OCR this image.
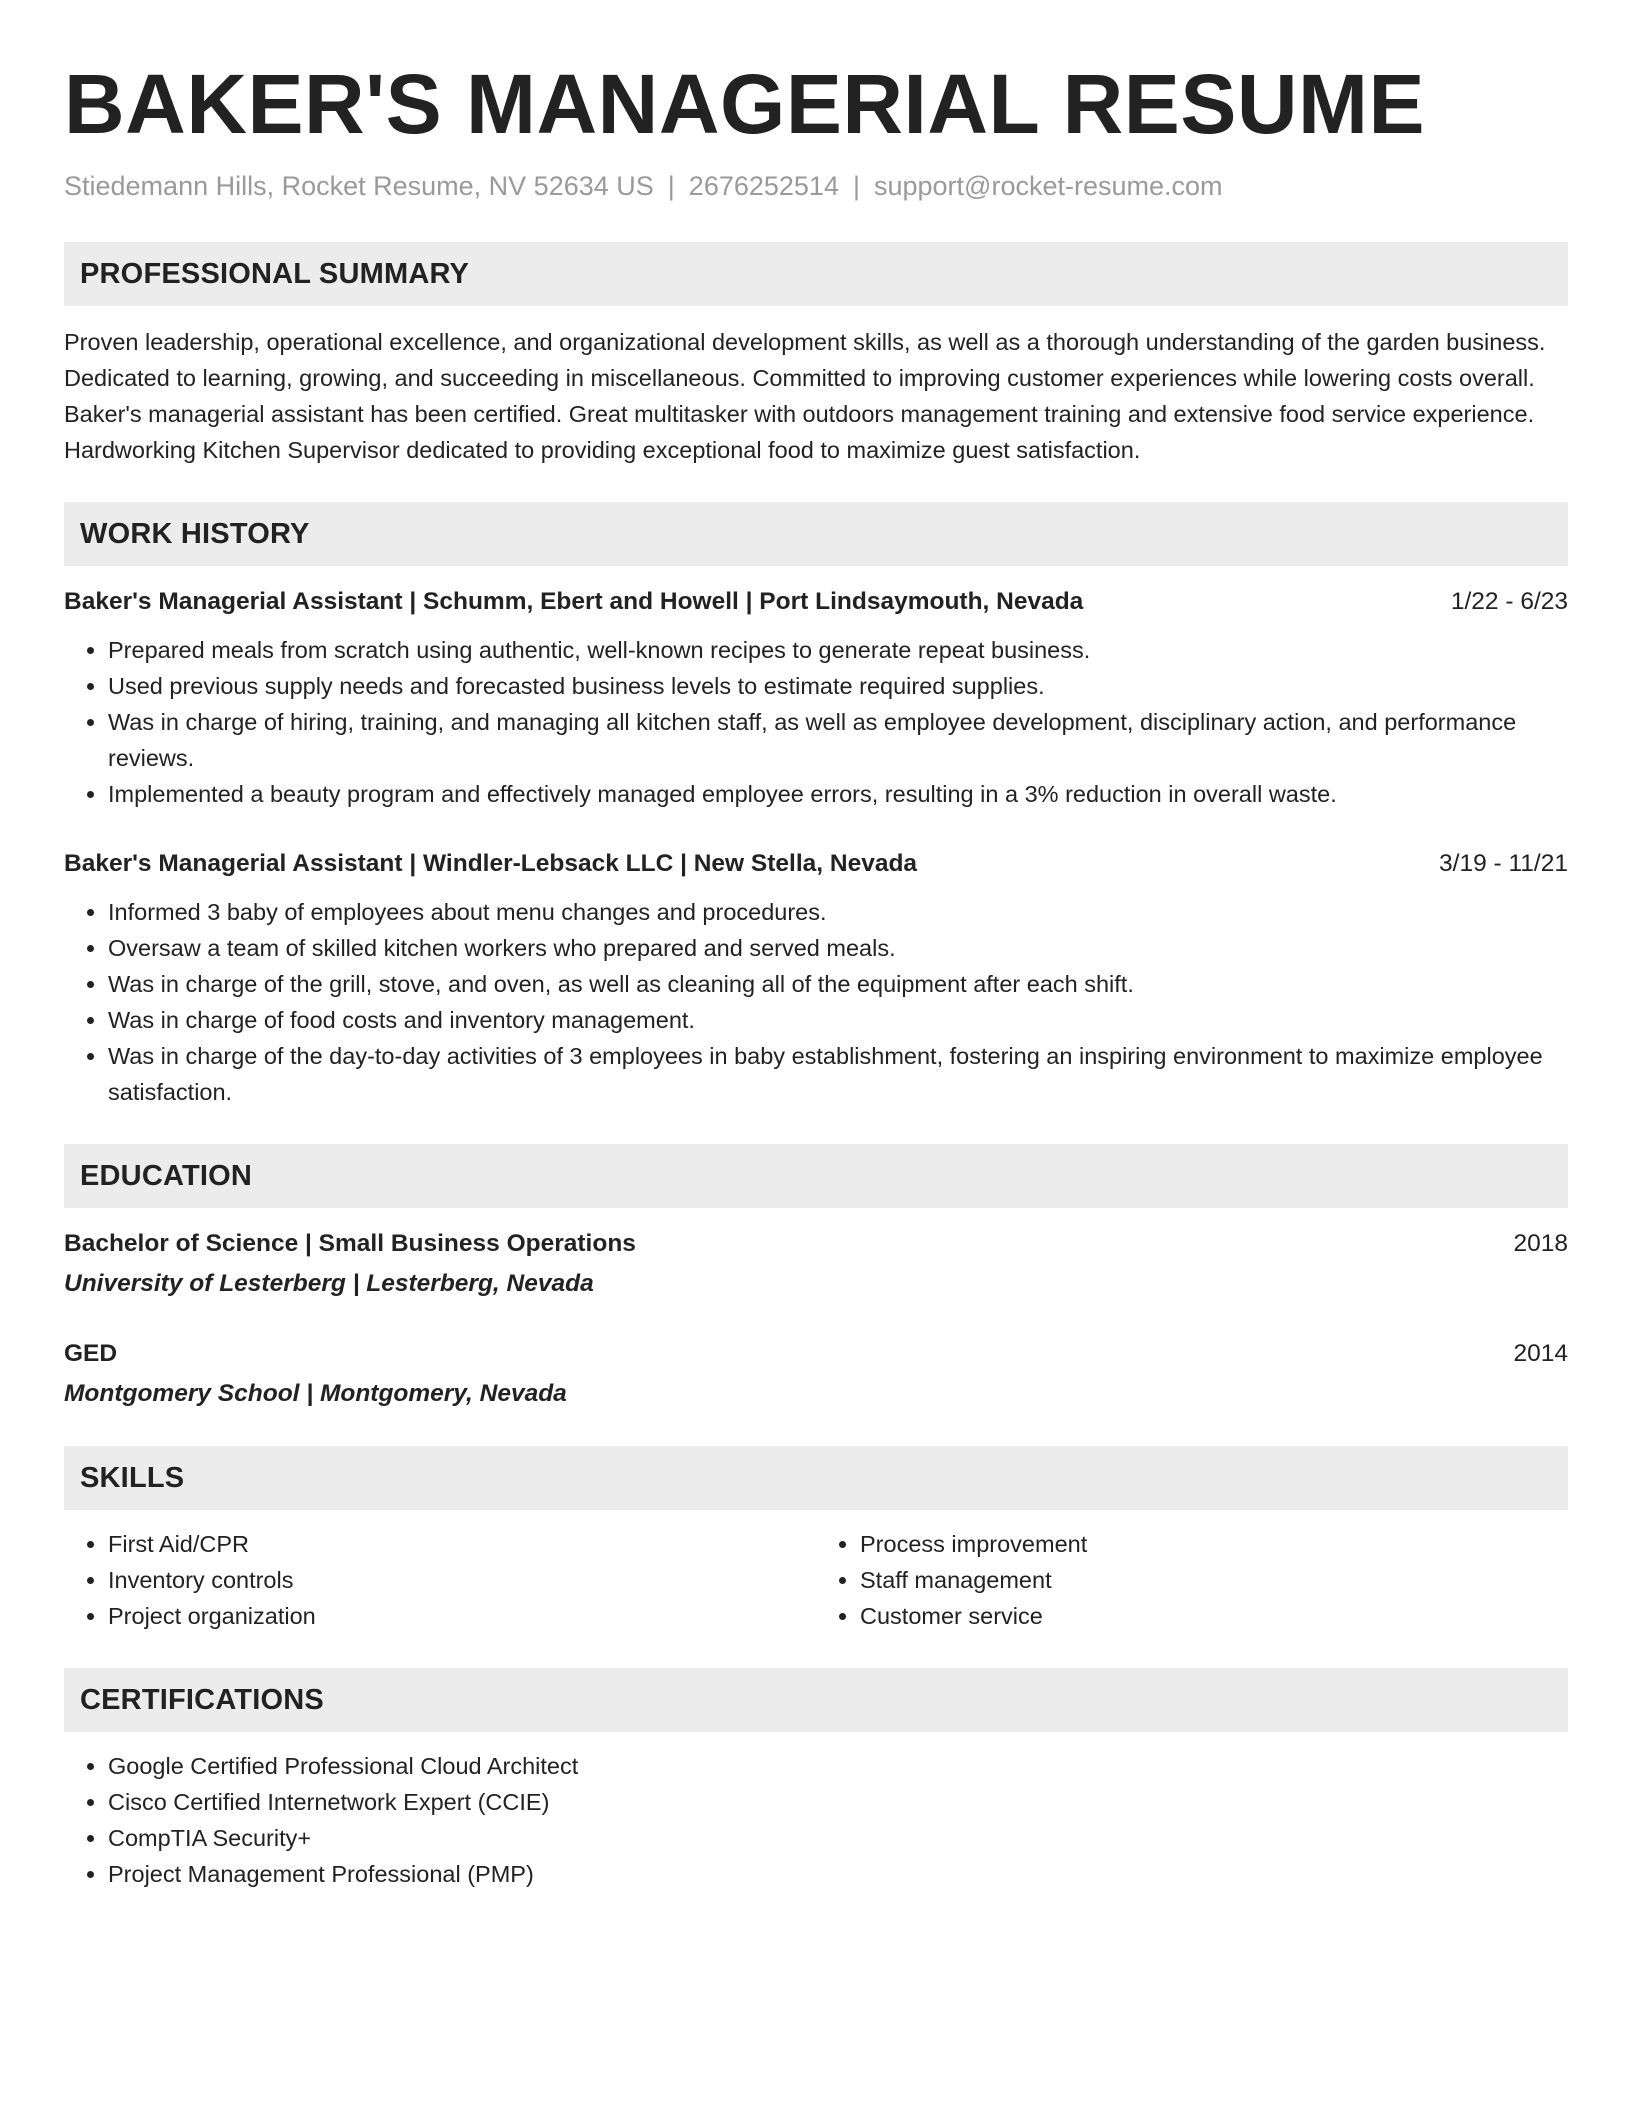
BAKER'S MANAGERIAL RESUME
Stiedemann Hills, Rocket Resume, NV 52634 US | 2676252514 | support@rocket-resume.com
PROFESSIONAL SUMMARY

Proven leadership, operational excellence, and organizational development skills, as well as a thorough understanding of the garden business. Dedicated to learning, growing, and succeeding in miscellaneous. Committed to improving customer experiences while lowering costs overall. Baker's managerial assistant has been certified. Great multitasker with outdoors management training and extensive food service experience. Hardworking Kitchen Supervisor dedicated to providing exceptional food to maximize guest satisfaction.

WORK HISTORY
Baker's Managerial Assistant | Schumm, Ebert and Howell | Port Lindsaymouth, Nevada	1/22 - 6/23
• Prepared meals from scratch using authentic, well-known recipes to generate repeat business.
• Used previous supply needs and forecasted business levels to estimate required supplies.
• Was in charge of hiring, training, and managing all kitchen staff, as well as employee development, disciplinary action, and performance reviews.
• Implemented a beauty program and effectively managed employee errors, resulting in a 3% reduction in overall waste.
Baker's Managerial Assistant | Windler-Lebsack LLC | New Stella, Nevada	3/19 - 11/21
• Informed 3 baby of employees about menu changes and procedures.
• Oversaw a team of skilled kitchen workers who prepared and served meals.
• Was in charge of the grill, stove, and oven, as well as cleaning all of the equipment after each shift.
• Was in charge of food costs and inventory management.
• Was in charge of the day-to-day activities of 3 employees in baby establishment, fostering an inspiring environment to maximize employee satisfaction.
EDUCATION
Bachelor of Science | Small Business Operations	2018
University of Lesterberg | Lesterberg, Nevada
GED	2014
Montgomery School | Montgomery, Nevada
SKILLS
• First Aid/CPR
• Inventory controls
• Project organization
• Process improvement
• Staff management
• Customer service
CERTIFICATIONS
• Google Certified Professional Cloud Architect
• Cisco Certified Internetwork Expert (CCIE)
• CompTIA Security+
• Project Management Professional (PMP)
